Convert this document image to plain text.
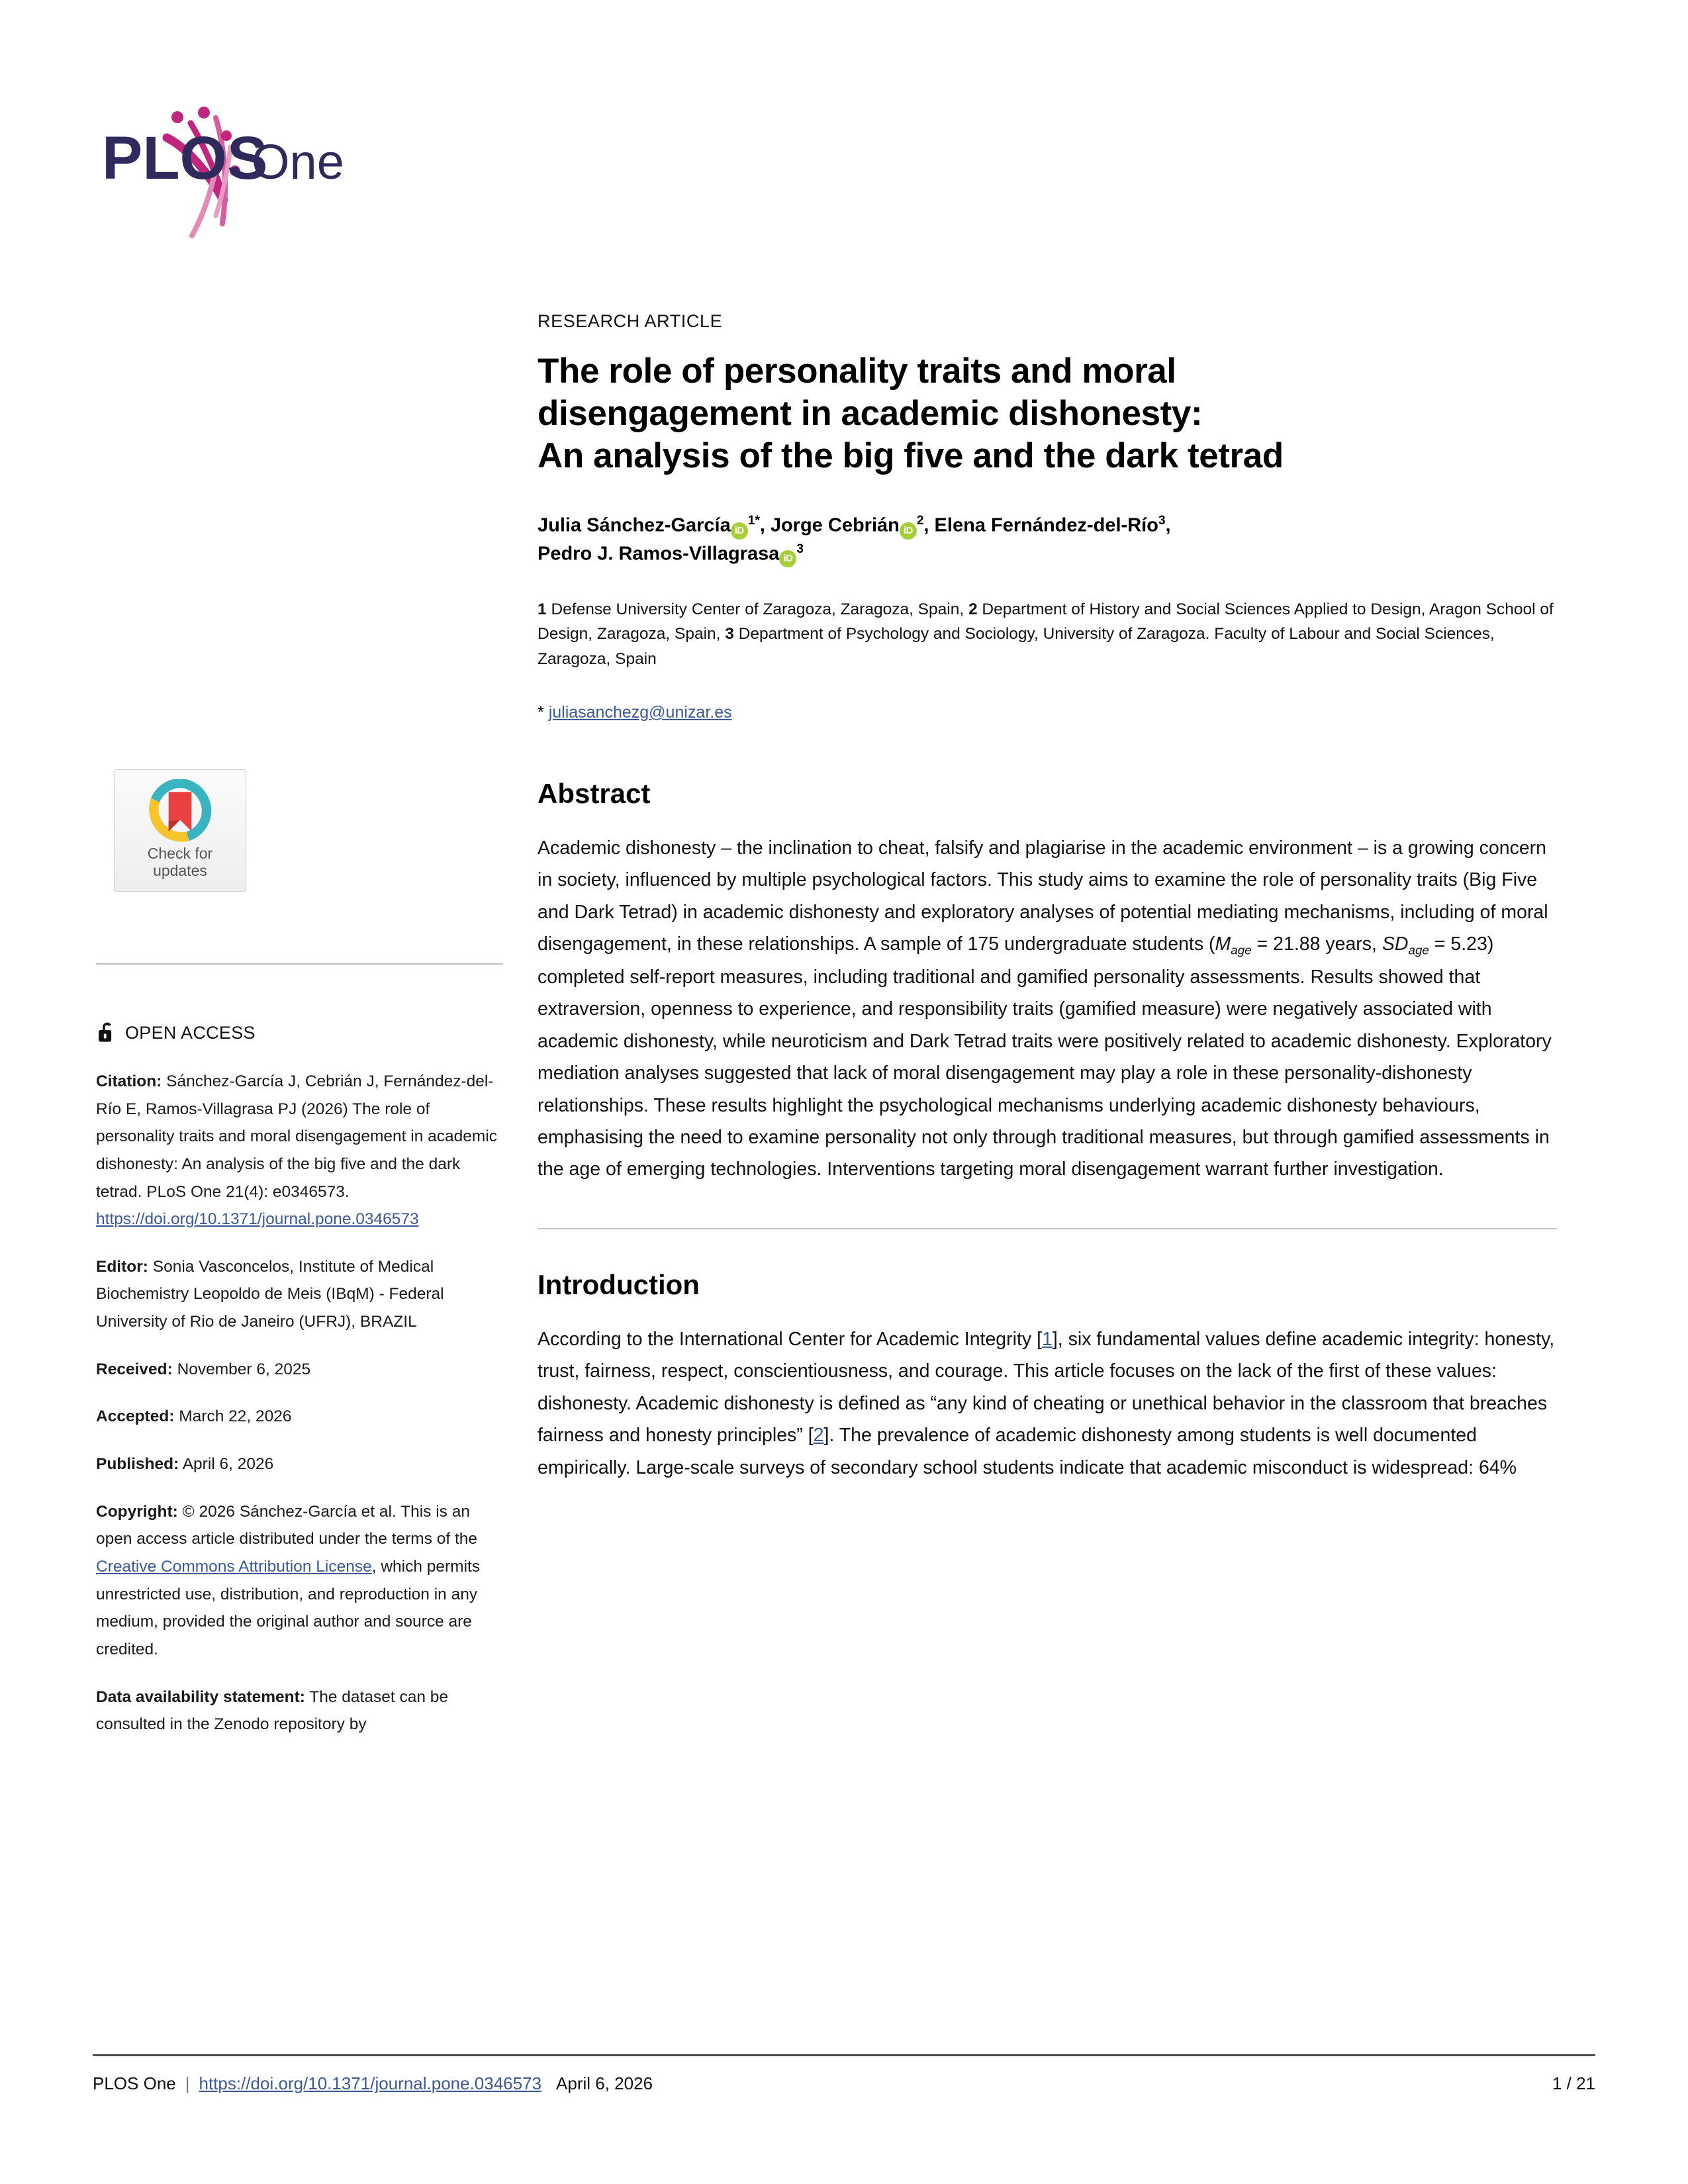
PLOS
One
Check for
updates
OPEN ACCESS

Citation: Sánchez-García J, Cebrián J, Fernández-del-Río E, Ramos-Villagrasa PJ (2026) The role of personality traits and moral disengagement in academic dishonesty: An analysis of the big five and the dark tetrad. PLoS One 21(4): e0346573. https://doi.org/10.1371/journal.pone.0346573

Editor: Sonia Vasconcelos, Institute of Medical Biochemistry Leopoldo de Meis (IBqM) - Federal University of Rio de Janeiro (UFRJ), BRAZIL

Received: November 6, 2025

Accepted: March 22, 2026

Published: April 6, 2026

Copyright: © 2026 Sánchez-García et al. This is an open access article distributed under the terms of the Creative Commons Attribution License, which permits unrestricted use, distribution, and reproduction in any medium, provided the original author and source are credited.

Data availability statement: The dataset can be consulted in the Zenodo repository by

RESEARCH ARTICLE
The role of personality traits and moral
disengagement in academic dishonesty:
An analysis of the big five and the dark tetrad
Julia Sánchez-García $iD^{1*}$, Jorge Cebrián $iD^2$, Elena Fernández-del-Río$^3$,
Pedro J. Ramos-Villagrasa $iD^3$
1 Defense University Center of Zaragoza, Zaragoza, Spain, 2 Department of History and Social Sciences Applied to Design, Aragon School of Design, Zaragoza, Spain, 3 Department of Psychology and Sociology, University of Zaragoza. Faculty of Labour and Social Sciences, Zaragoza, Spain
* juliasanchezg@unizar.es
Abstract

Academic dishonesty – the inclination to cheat, falsify and plagiarise in the academic environment – is a growing concern in society, influenced by multiple psychological factors. This study aims to examine the role of personality traits (Big Five and Dark Tetrad) in academic dishonesty and exploratory analyses of potential mediating mechanisms, including of moral disengagement, in these relationships. A sample of 175 undergraduate students ($M_{age} = 21.88$ years, $SD_{age} = 5.23$) completed self-report measures, including traditional and gamified personality assessments. Results showed that extraversion, openness to experience, and responsibility traits (gamified measure) were negatively associated with academic dishonesty, while neuroticism and Dark Tetrad traits were positively related to academic dishonesty. Exploratory mediation analyses suggested that lack of moral disengagement may play a role in these personality-dishonesty relationships. These results highlight the psychological mechanisms underlying academic dishonesty behaviours, emphasising the need to examine personality not only through traditional measures, but through gamified assessments in the age of emerging technologies. Interventions targeting moral disengagement warrant further investigation.

Introduction

According to the International Center for Academic Integrity [1], six fundamental values define academic integrity: honesty, trust, fairness, respect, conscientiousness, and courage. This article focuses on the lack of the first of these values: dishonesty. Academic dishonesty is defined as “any kind of cheating or unethical behavior in the classroom that breaches fairness and honesty principles” [2]. The prevalence of academic dishonesty among students is well documented empirically. Large-scale surveys of secondary school students indicate that academic misconduct is widespread: 64%

PLOS One | https://doi.org/10.1371/journal.pone.0346573 April 6, 2026	1 / 21
